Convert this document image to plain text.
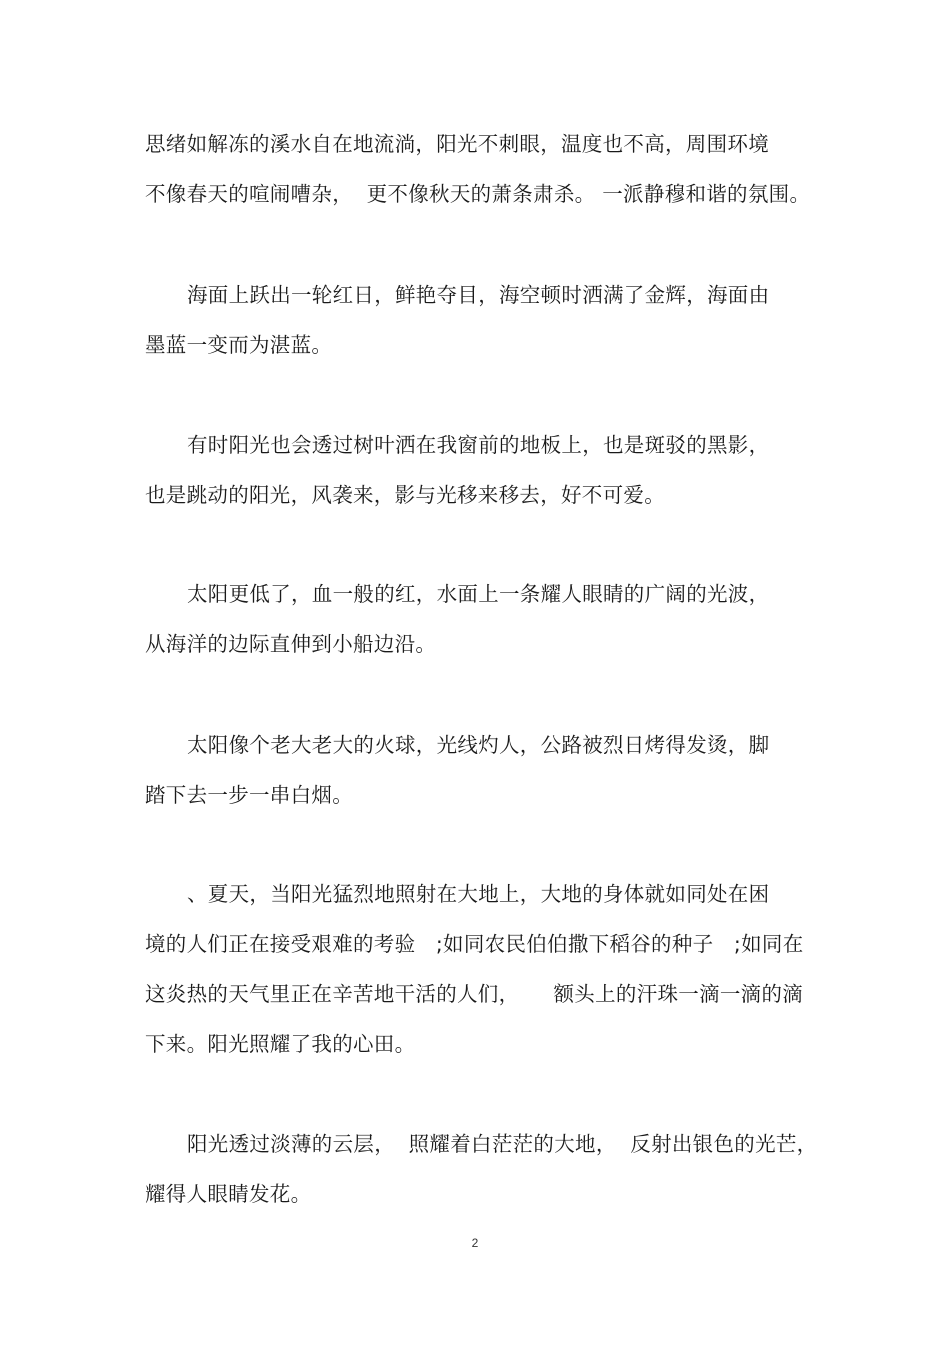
思绪如解冻的溪水自在地流淌，阳光不刺眼，温度也不高，周围环境
不像春天的喧闹嘈杂，  更不像秋天的萧条肃杀。 一派静穆和谐的氛围。
海面上跃出一轮红日，鲜艳夺目，海空顿时洒满了金辉，海面由
墨蓝一变而为湛蓝。
有时阳光也会透过树叶洒在我窗前的地板上，也是斑驳的黑影，
也是跳动的阳光，风袭来，影与光移来移去，好不可爱。
太阳更低了，血一般的红，水面上一条耀人眼睛的广阔的光波，
从海洋的边际直伸到小船边沿。
太阳像个老大老大的火球，光线灼人，公路被烈日烤得发烫，脚
踏下去一步一串白烟。
、夏天，当阳光猛烈地照射在大地上，大地的身体就如同处在困
境的人们正在接受艰难的考验   ;如同农民伯伯撒下稻谷的种子   ;如同在
这炎热的天气里正在辛苦地干活的人们，     额头上的汗珠一滴一滴的滴
下来。阳光照耀了我的心田。
阳光透过淡薄的云层，  照耀着白茫茫的大地，  反射出银色的光芒，
耀得人眼睛发花。
2
